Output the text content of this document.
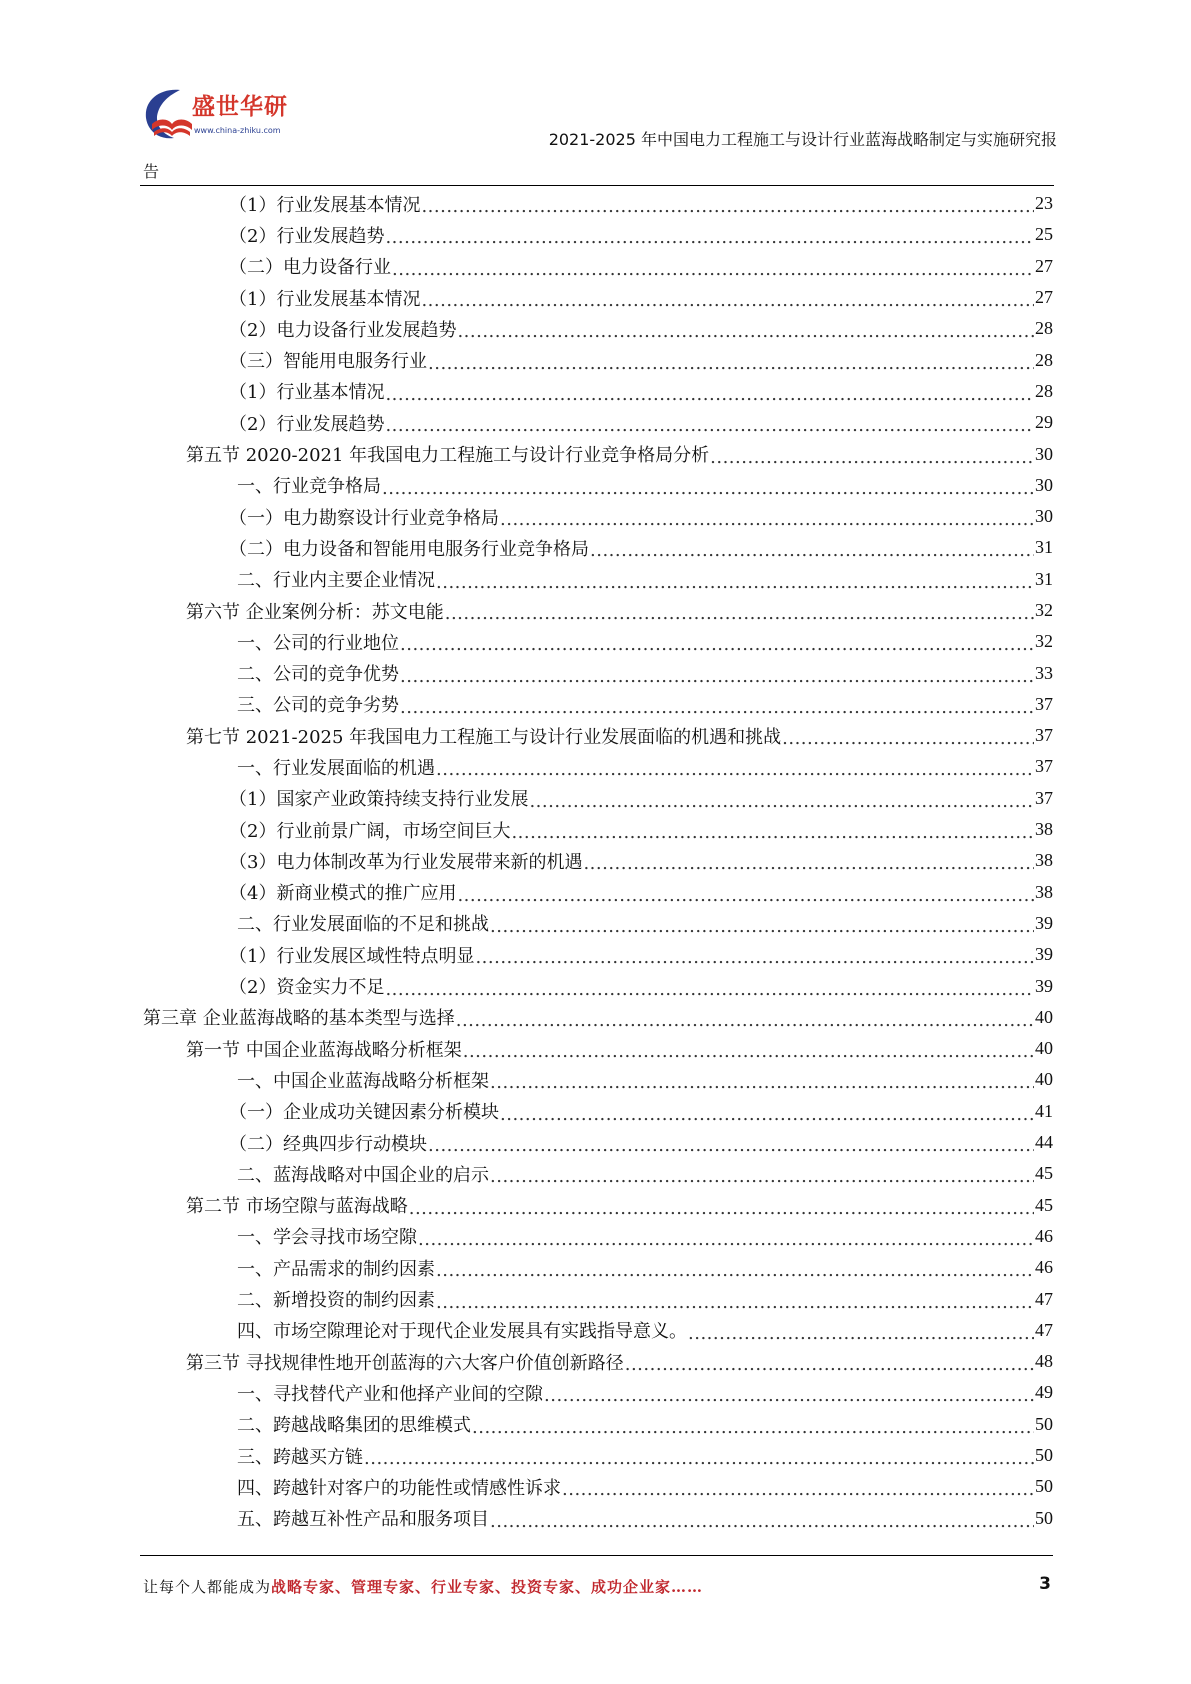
盛世华研
www.china-zhiku.com	2021-2025 年中国电力工程施工与设计行业蓝海战略制定与实施研究报
告
（1）行业发展基本情况 .....	23
（2）行业发展趋势 .....	25
（二）电力设备行业 .....	27
（1）行业发展基本情况 .....	27
（2）电力设备行业发展趋势 .....	28
（三）智能用电服务行业 .....	28
（1）行业基本情况 .....	28
（2）行业发展趋势 .....	29
第五节 2020-2021 年我国电力工程施工与设计行业竞争格局分析 .....	30
一、行业竞争格局 .....	30
（一）电力勘察设计行业竞争格局 .....	30
（二）电力设备和智能用电服务行业竞争格局 .....	31
二、行业内主要企业情况 .....	31
第六节 企业案例分析：苏文电能 .....	32
一、公司的行业地位 .....	32
二、公司的竞争优势 .....	33
三、公司的竞争劣势 .....	37
第七节 2021-2025 年我国电力工程施工与设计行业发展面临的机遇和挑战 .....	37
一、行业发展面临的机遇 .....	37
（1）国家产业政策持续支持行业发展 .....	37
（2）行业前景广阔，市场空间巨大 .....	38
（3）电力体制改革为行业发展带来新的机遇 .....	38
（4）新商业模式的推广应用 .....	38
二、行业发展面临的不足和挑战 .....	39
（1）行业发展区域性特点明显 .....	39
（2）资金实力不足 .....	39
第三章 企业蓝海战略的基本类型与选择 .....	40
第一节 中国企业蓝海战略分析框架 .....	40
一、中国企业蓝海战略分析框架 .....	40
（一）企业成功关键因素分析模块 .....	41
（二）经典四步行动模块 .....	44
二、蓝海战略对中国企业的启示 .....	45
第二节 市场空隙与蓝海战略 .....	45
一、学会寻找市场空隙 .....	46
一、产品需求的制约因素 .....	46
二、新增投资的制约因素 .....	47
四、市场空隙理论对于现代企业发展具有实践指导意义。 .....	47
第三节 寻找规律性地开创蓝海的六大客户价值创新路径 .....	48
一、寻找替代产业和他择产业间的空隙 .....	49
二、跨越战略集团的思维模式 .....	50
三、跨越买方链 .....	50
四、跨越针对客户的功能性或情感性诉求 .....	50
五、跨越互补性产品和服务项目 .....	50
让每个人都能成为战略专家、管理专家、行业专家、投资专家、成功企业家……	3
